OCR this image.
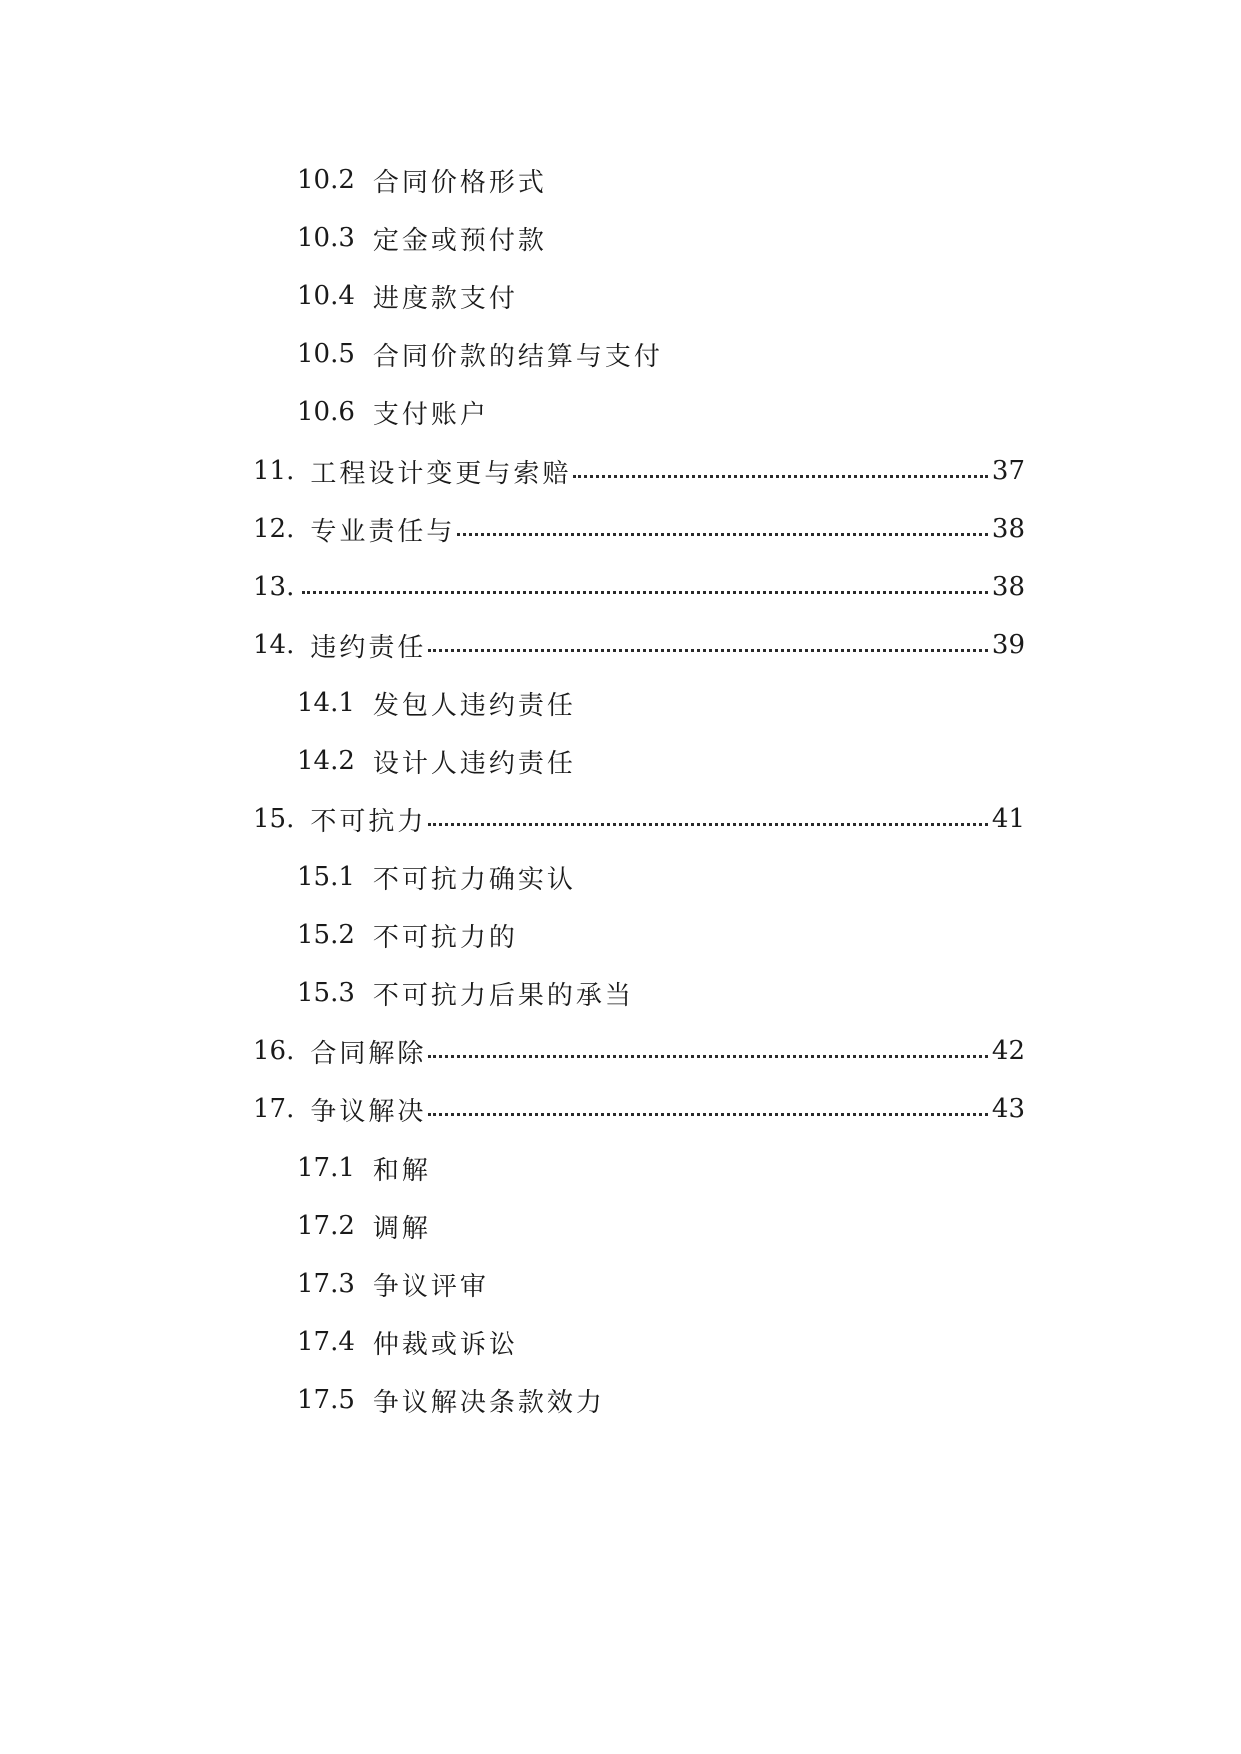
10.2 合同价格形式
10.3 定金或预付款
10.4 进度款支付
10.5 合同价款的结算与支付
10.6 支付账户
11. 工程设计变更与索赔	37
12. 专业责任与	38
13.	38
14. 违约责任	39
14.1 发包人违约责任
14.2 设计人违约责任
15. 不可抗力	41
15.1 不可抗力确实认
15.2 不可抗力的
15.3 不可抗力后果的承当
16. 合同解除	42
17. 争议解决	43
17.1 和解
17.2 调解
17.3 争议评审
17.4 仲裁或诉讼
17.5 争议解决条款效力
